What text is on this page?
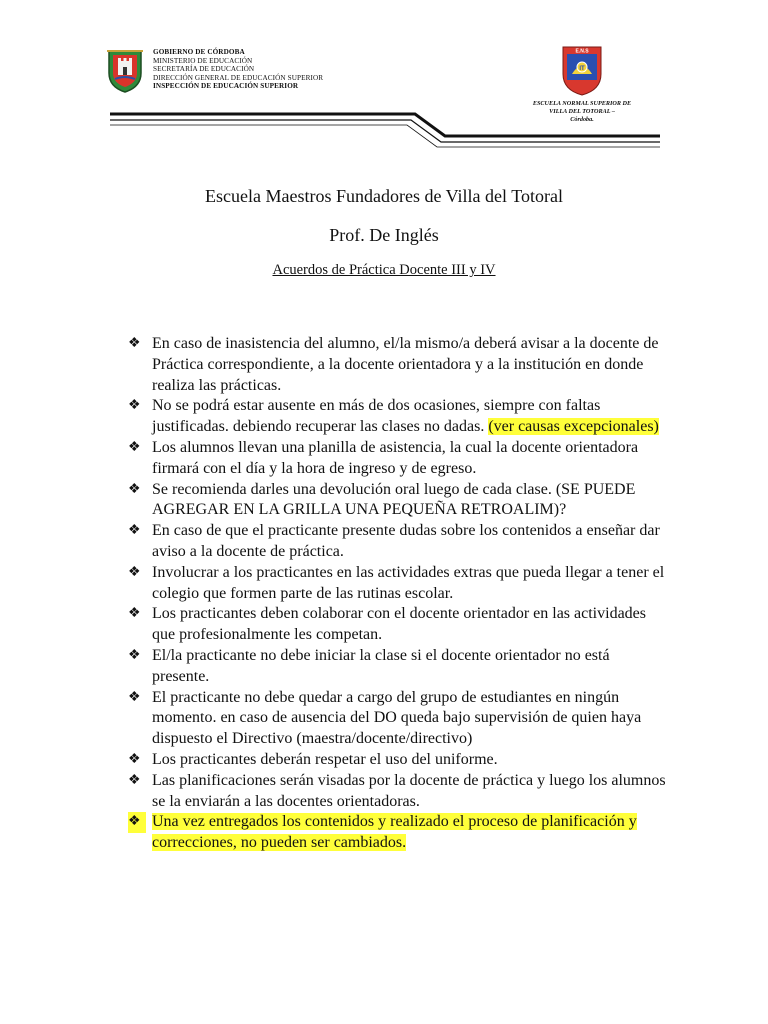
GOBIERNO DE CÓRDOBA
MINISTERIO DE EDUCACIÓN
SECRETARÍA DE EDUCACIÓN
DIRECCIÓN GENERAL DE EDUCACIÓN SUPERIOR
INSPECCIÓN DE EDUCACIÓN SUPERIOR
IT
E.N.S
ESCUELA NORMAL SUPERIOR DE
VILLA DEL TOTORAL –
Córdoba.
Escuela Maestros Fundadores de Villa del Totoral
Prof. De Inglés
Acuerdos de Práctica Docente III y IV
❖ En caso de inasistencia del alumno, el/la mismo/a deberá avisar a la docente de Práctica correspondiente, a la docente orientadora y a la institución en donde realiza las prácticas.
❖ No se podrá estar ausente en más de dos ocasiones, siempre con faltas justificadas. debiendo recuperar las clases no dadas. (ver causas excepcionales)
❖ Los alumnos llevan una planilla de asistencia, la cual la docente orientadora firmará con el día y la hora de ingreso y de egreso.
❖ Se recomienda darles una devolución oral luego de cada clase. (SE PUEDE AGREGAR EN LA GRILLA UNA PEQUEÑA RETROALIM)?
❖ En caso de que el practicante presente dudas sobre los contenidos a enseñar dar aviso a la docente de práctica.
❖ Involucrar a los practicantes en las actividades extras que pueda llegar a tener el colegio que formen parte de las rutinas escolar.
❖ Los practicantes deben colaborar con el docente orientador en las actividades que profesionalmente les competan.
❖ El/la practicante no debe iniciar la clase si el docente orientador no está presente.
❖ El practicante no debe quedar a cargo del grupo de estudiantes en ningún momento. en caso de ausencia del DO queda bajo supervisión de quien haya dispuesto el Directivo (maestra/docente/directivo)
❖ Los practicantes deberán respetar el uso del uniforme.
❖ Las planificaciones serán visadas por la docente de práctica y luego los alumnos se la enviarán a las docentes orientadoras.
❖ Una vez entregados los contenidos y realizado el proceso de planificación y correcciones, no pueden ser cambiados.
